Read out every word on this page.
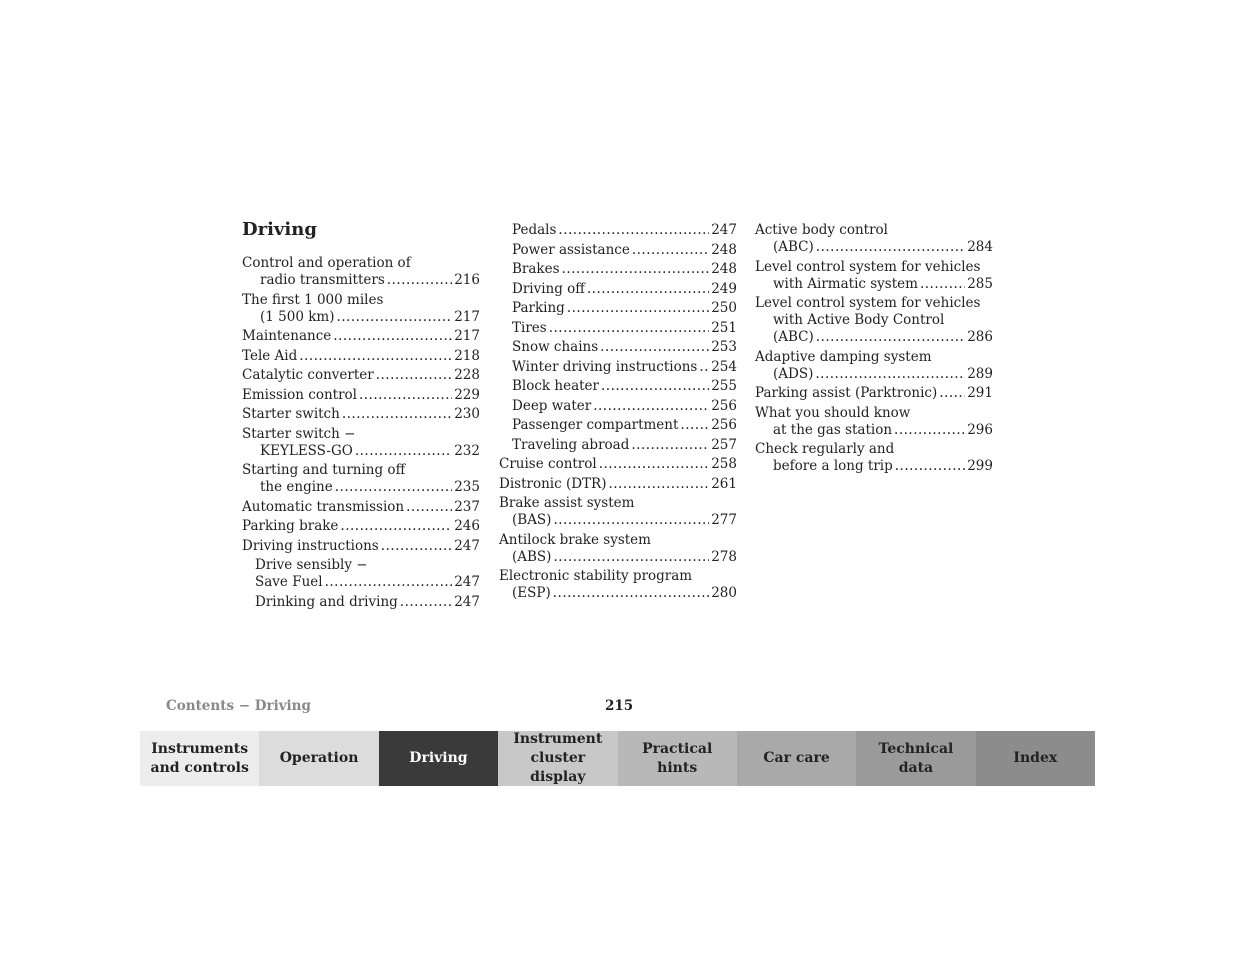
Driving
Control and operation of
radio transmitters .....	216
The first 1 000 miles
(1 500 km) .....	217
Maintenance .....	217
Tele Aid .....	218
Catalytic converter .....	228
Emission control .....	229
Starter switch .....	230
Starter switch −
KEYLESS-GO .....	232
Starting and turning off
the engine .....	235
Automatic transmission .....	237
Parking brake .....	246
Driving instructions .....	247
Drive sensibly −
Save Fuel .....	247
Drinking and driving .....	247
Pedals .....	247
Power assistance .....	248
Brakes .....	248
Driving off .....	249
Parking .....	250
Tires .....	251
Snow chains .....	253
Winter driving instructions ..... 254
Block heater .....	255
Deep water .....	256
Passenger compartment ..... 256
Traveling abroad .....	257
Cruise control .....	258
Distronic (DTR) .....	261
Brake assist system
(BAS) .....	277
Antilock brake system
(ABS) .....	278
Electronic stability program
(ESP) .....	280
Active body control
(ABC) .....	284
Level control system for vehicles
with Airmatic system .....	285
Level control system for vehicles
with Active Body Control
(ABC) .....	286
Adaptive damping system
(ADS) .....	289
Parking assist (Parktronic) ..... 291
What you should know
at the gas station .....	296
Check regularly and
before a long trip .....	299
Contents − Driving	215
Instruments
and controls
Operation	Driving
Instrument
cluster display
Practical hints
Car care
Technical
data
Index
